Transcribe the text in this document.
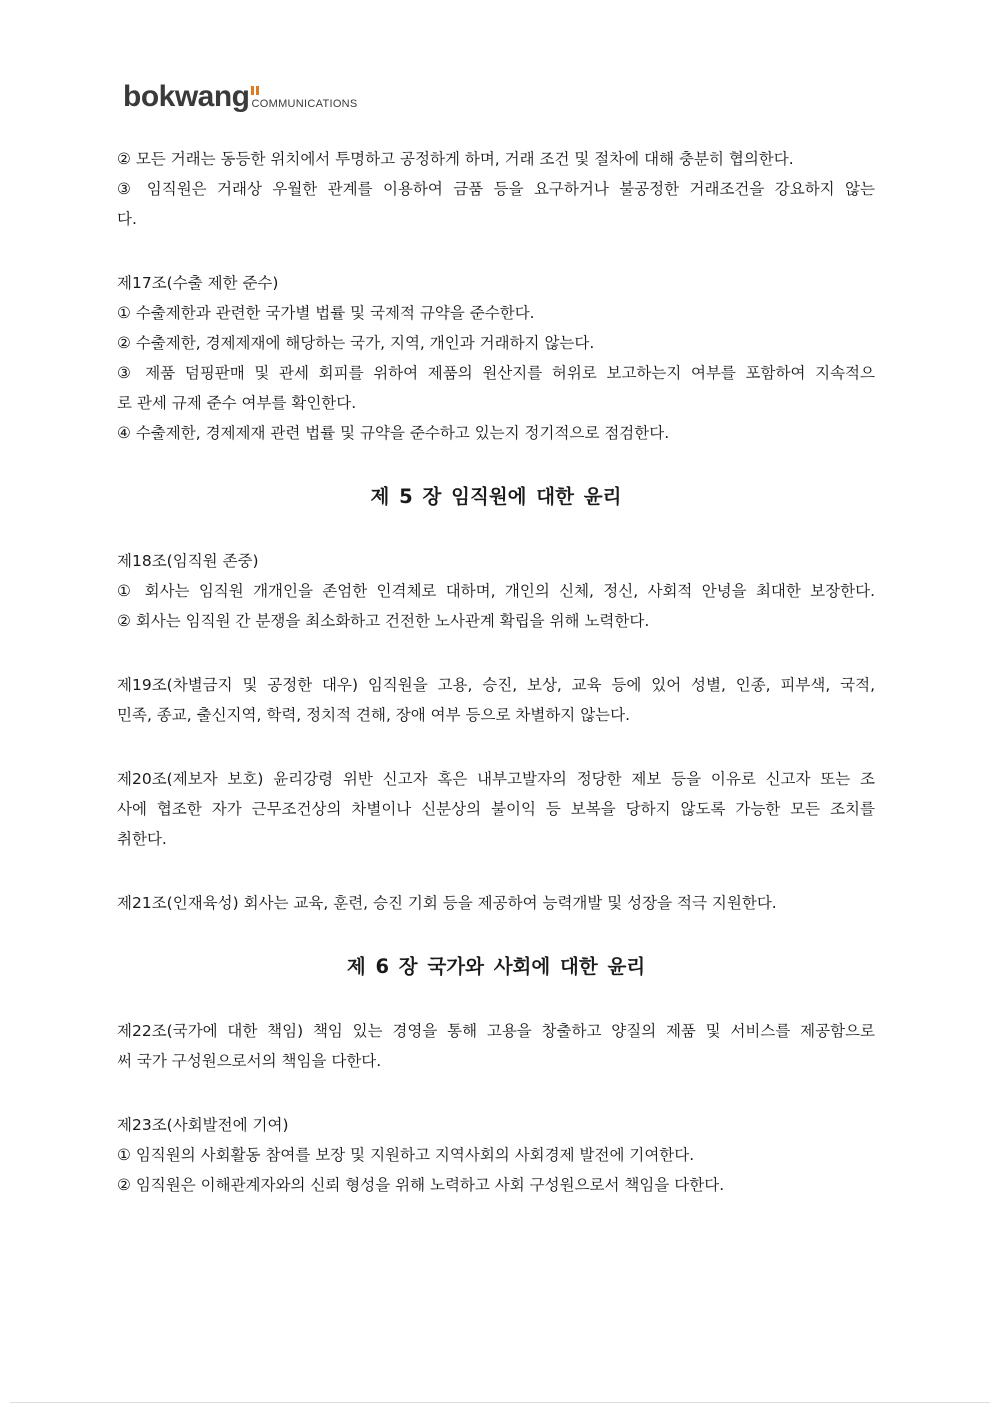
bokwang COMMUNICATIONS
② 모든 거래는 동등한 위치에서 투명하고 공정하게 하며, 거래 조건 및 절차에 대해 충분히 협의한다.
③ 임직원은 거래상 우월한 관계를 이용하여 금품 등을 요구하거나 불공정한 거래조건을 강요하지 않는
다.
제17조(수출 제한 준수)
① 수출제한과 관련한 국가별 법률 및 국제적 규약을 준수한다.
② 수출제한, 경제제재에 해당하는 국가, 지역, 개인과 거래하지 않는다.
③ 제품 덤핑판매 및 관세 회피를 위하여 제품의 원산지를 허위로 보고하는지 여부를 포함하여 지속적으
로 관세 규제 준수 여부를 확인한다.
④ 수출제한, 경제제재 관련 법률 및 규약을 준수하고 있는지 정기적으로 점검한다.
제 5 장 임직원에 대한 윤리
제18조(임직원 존중)
① 회사는 임직원 개개인을 존엄한 인격체로 대하며, 개인의 신체, 정신, 사회적 안녕을 최대한 보장한다.
② 회사는 임직원 간 분쟁을 최소화하고 건전한 노사관계 확립을 위해 노력한다.
제19조(차별금지 및 공정한 대우) 임직원을 고용, 승진, 보상, 교육 등에 있어 성별, 인종, 피부색, 국적,
민족, 종교, 출신지역, 학력, 정치적 견해, 장애 여부 등으로 차별하지 않는다.
제20조(제보자 보호) 윤리강령 위반 신고자 혹은 내부고발자의 정당한 제보 등을 이유로 신고자 또는 조
사에 협조한 자가 근무조건상의 차별이나 신분상의 불이익 등 보복을 당하지 않도록 가능한 모든 조치를
취한다.
제21조(인재육성) 회사는 교육, 훈련, 승진 기회 등을 제공하여 능력개발 및 성장을 적극 지원한다.
제 6 장 국가와 사회에 대한 윤리
제22조(국가에 대한 책임) 책임 있는 경영을 통해 고용을 창출하고 양질의 제품 및 서비스를 제공함으로
써 국가 구성원으로서의 책임을 다한다.
제23조(사회발전에 기여)
① 임직원의 사회활동 참여를 보장 및 지원하고 지역사회의 사회경제 발전에 기여한다.
② 임직원은 이해관계자와의 신뢰 형성을 위해 노력하고 사회 구성원으로서 책임을 다한다.
